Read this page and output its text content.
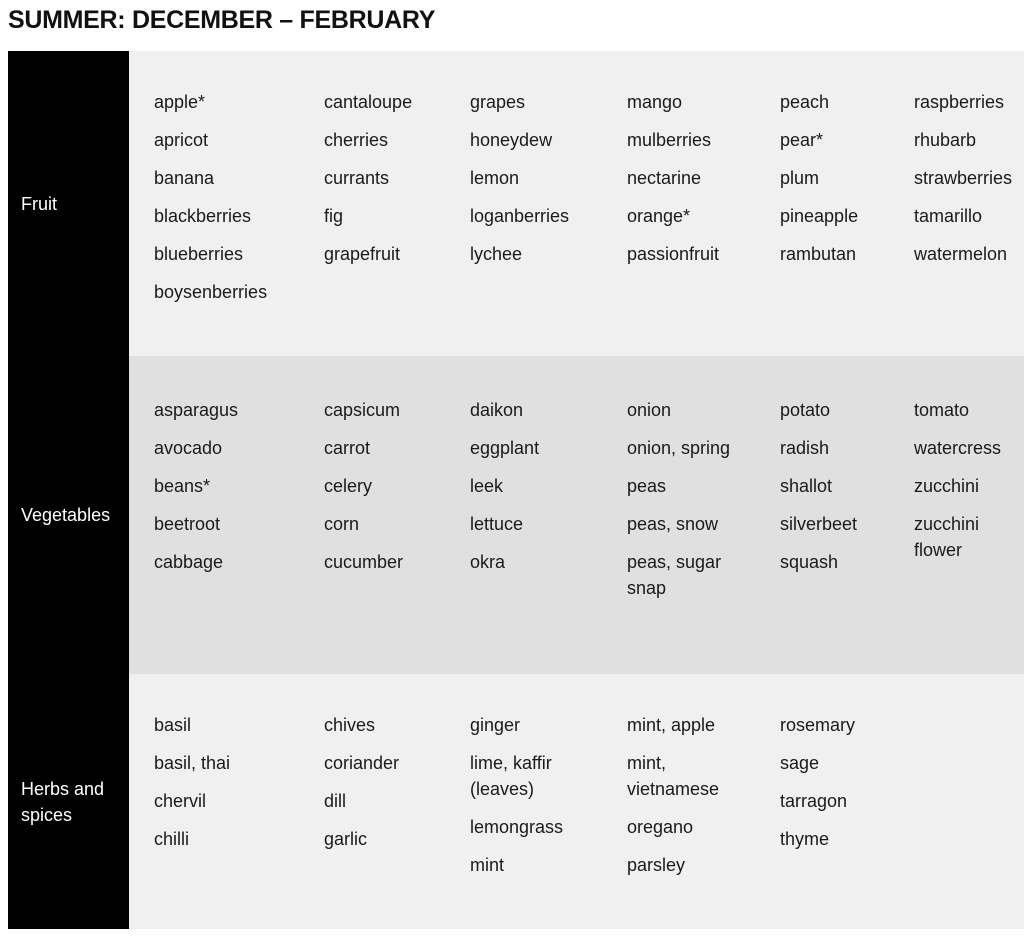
SUMMER: DECEMBER – FEBRUARY
Fruit
apple*
apricot
banana
blackberries
blueberries
boysenberries
cantaloupe
cherries
currants
fig
grapefruit
grapes
honeydew
lemon
loganberries
lychee
mango
mulberries
nectarine
orange*
passionfruit
peach
pear*
plum
pineapple
rambutan
raspberries
rhubarb
strawberries
tamarillo
watermelon
Vegetables
asparagus
avocado
beans*
beetroot
cabbage
capsicum
carrot
celery
corn
cucumber
daikon
eggplant
leek
lettuce
okra
onion
onion, spring
peas
peas, snow
peas, sugar snap
potato
radish
shallot
silverbeet
squash
tomato
watercress
zucchini
zucchini flower
Herbs and spices
basil
basil, thai
chervil
chilli
chives
coriander
dill
garlic
ginger
lime, kaffir (leaves)
lemongrass
mint
mint, apple
mint, vietnamese
oregano
parsley
rosemary
sage
tarragon
thyme
